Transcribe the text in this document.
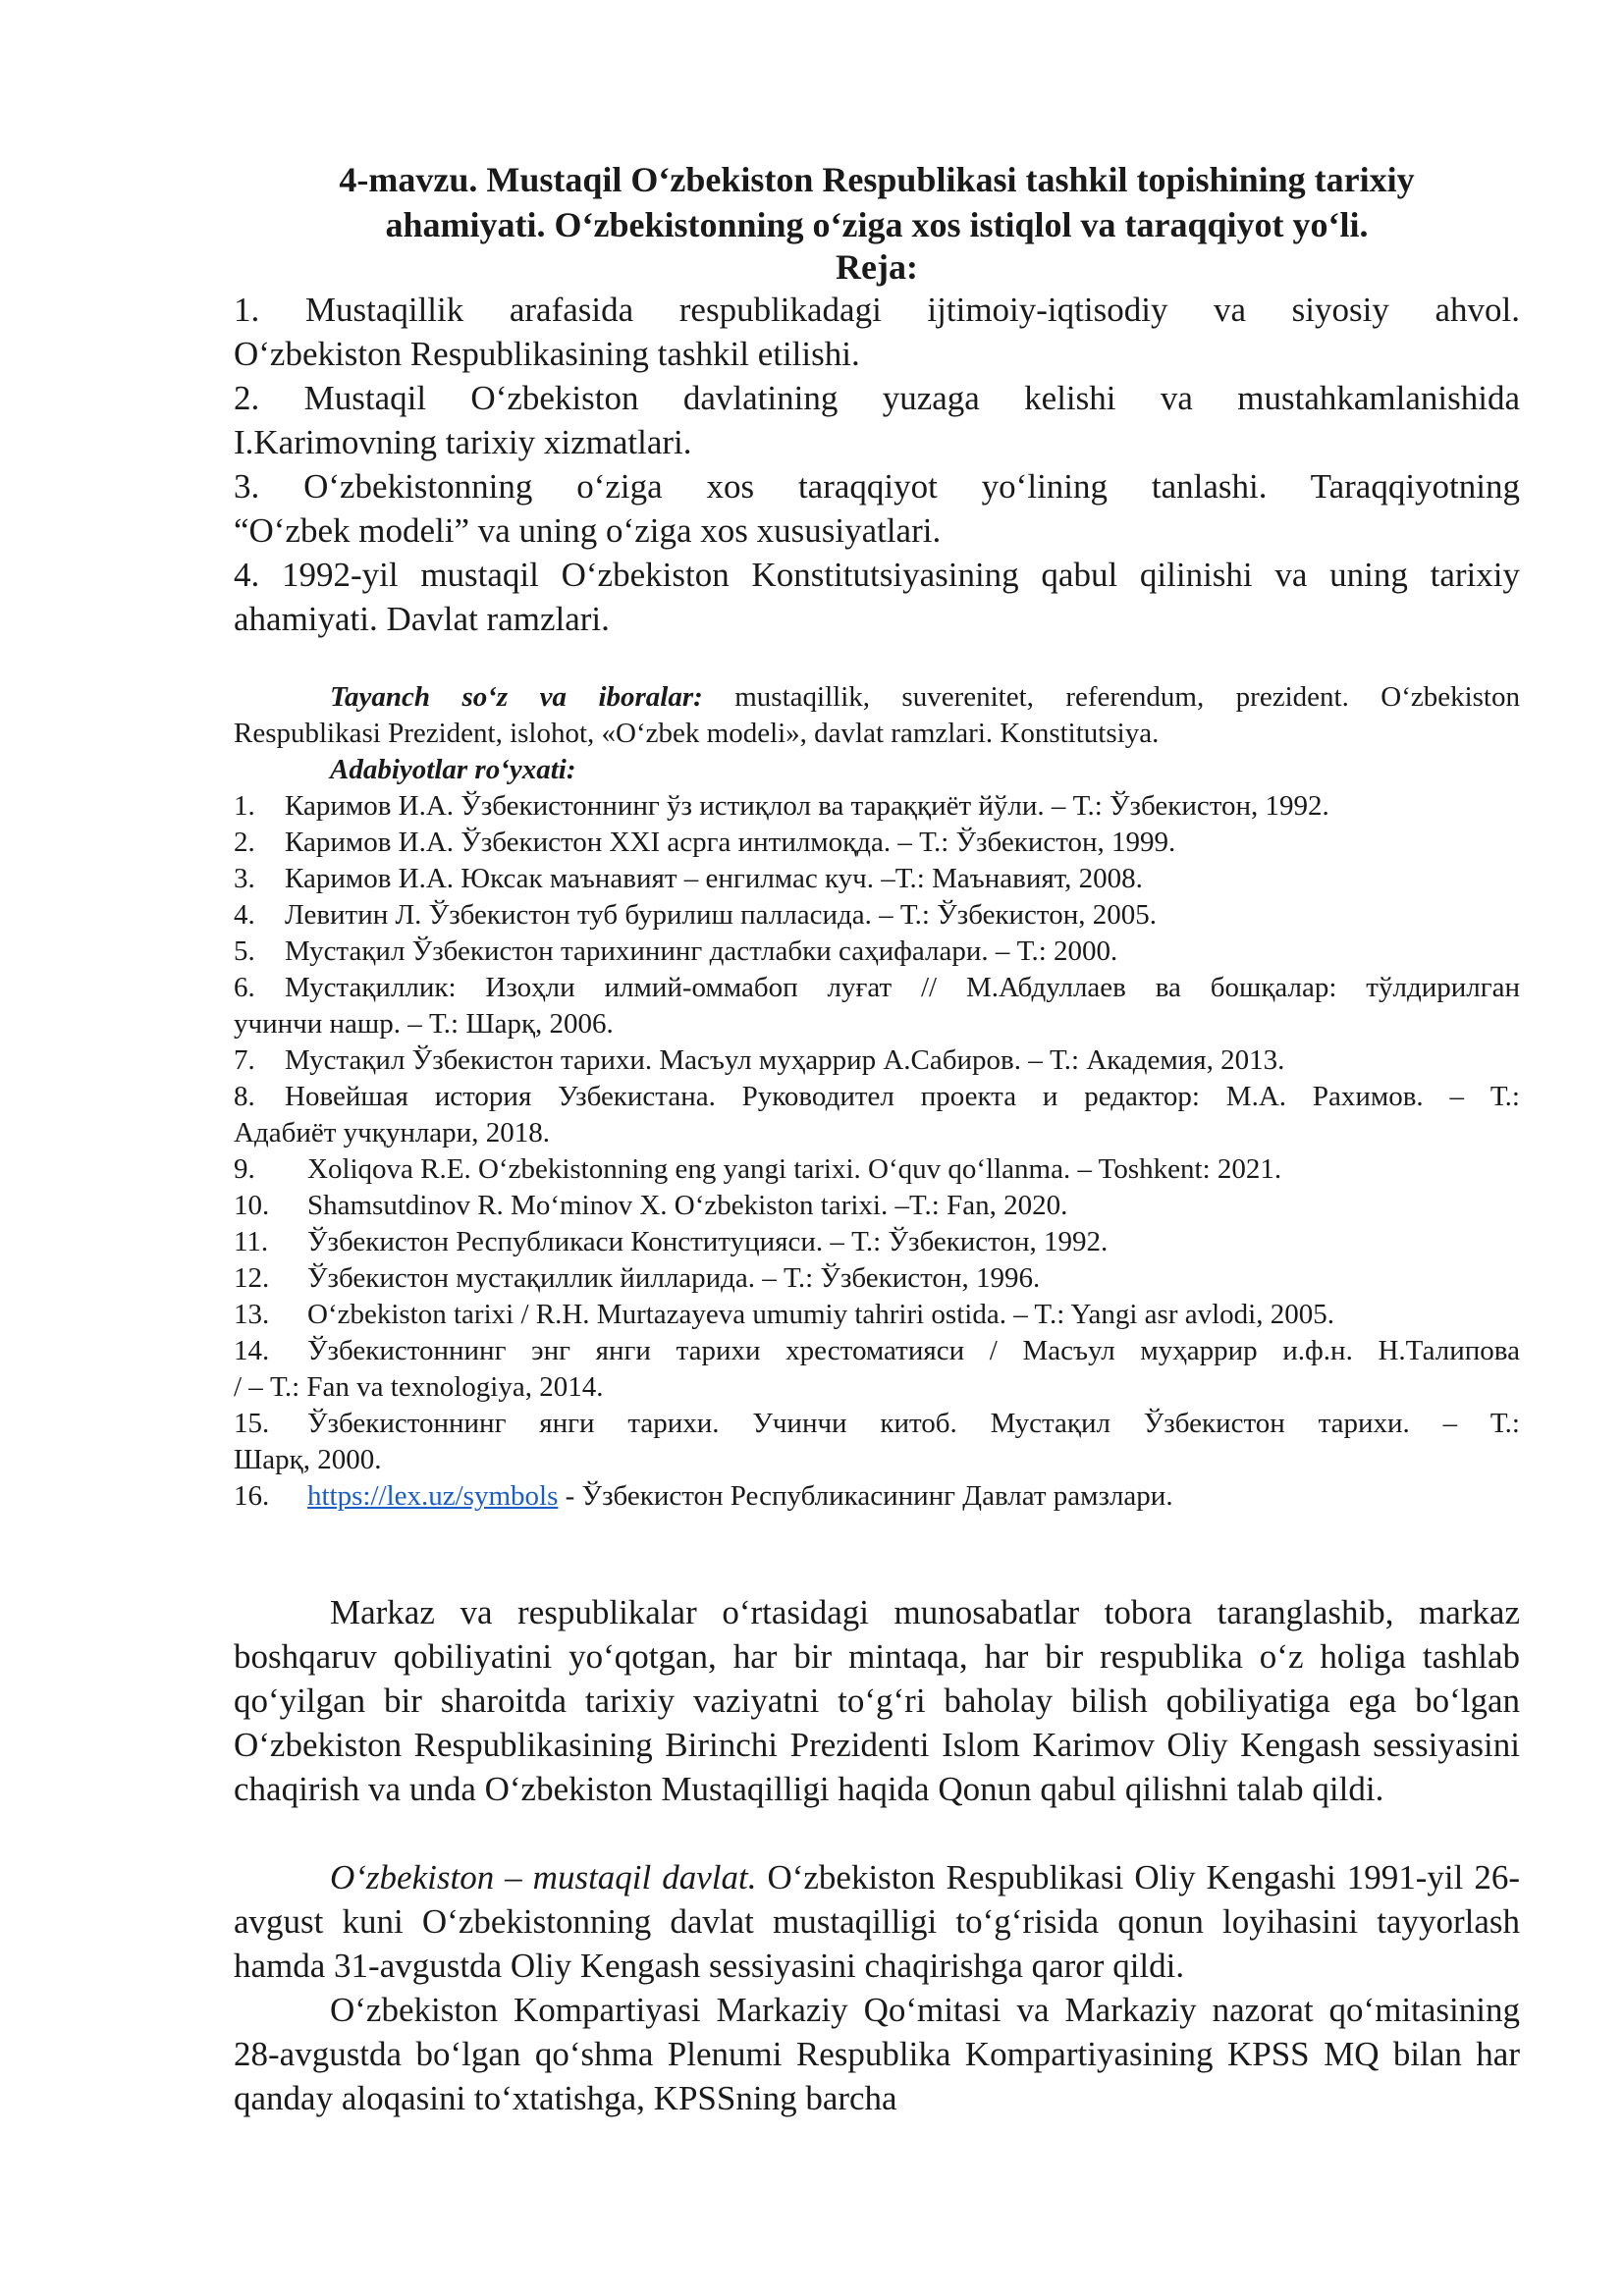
4-mavzu. Mustaqil O‘zbekiston Respublikasi tashkil topishining tarixiy
ahamiyati. O‘zbekistonning o‘ziga xos istiqlol va taraqqiyot yo‘li.
Reja:
1. Mustaqillik arafasida respublikadagi ijtimoiy-iqtisodiy va siyosiy ahvol.
O‘zbekiston Respublikasining tashkil etilishi.
2. Mustaqil O‘zbekiston davlatining yuzaga kelishi va mustahkamlanishida
I.Karimovning tarixiy xizmatlari.
3. O‘zbekistonning o‘ziga xos taraqqiyot yo‘lining tanlashi. Taraqqiyotning
“O‘zbek modeli” va uning o‘ziga xos xususiyatlari.
4. 1992-yil mustaqil O‘zbekiston Konstitutsiyasining qabul qilinishi va uning tarixiy
ahamiyati. Davlat ramzlari.
Tayanch so‘z va iboralar: mustaqillik, suverenitet, referendum, prezident. O‘zbekiston
Respublikasi Prezident, islohot, «O‘zbek modeli», davlat ramzlari. Konstitutsiya.
Adabiyotlar ro‘yxati:
1. Каримов И.А. Ўзбекистоннинг ўз истиқлол ва тараққиёт йўли. – Т.: Ўзбекистон, 1992.
2. Каримов И.А. Ўзбекистон XXI асрга интилмоқда. – Т.: Ўзбекистон, 1999.
3. Каримов И.А. Юксак маънавият – енгилмас куч. –Т.: Маънавият, 2008.
4. Левитин Л. Ўзбекистон туб бурилиш палласида. – Т.: Ўзбекистон, 2005.
5. Мустақил Ўзбекистон тарихининг дастлабки саҳифалари. – Т.: 2000.
6. Мустақиллик: Изоҳли илмий-оммабоп луғат // М.Абдуллаев ва бошқалар: тўлдирилган
учинчи нашр. – Т.: Шарқ, 2006.
7. Мустақил Ўзбекистон тарихи. Масъул муҳаррир А.Сабиров. – Т.: Академия, 2013.
8. Новейшая история Узбекистана. Руководител проекта и редактор: М.А. Рахимов. – Т.:
Адабиёт учқунлари, 2018.
9. Xoliqova R.E. O‘zbekistonning eng yangi tarixi. O‘quv qo‘llanma. – Toshkent: 2021.
10. Shamsutdinov R. Mo‘minov X. O‘zbekiston tarixi. –T.: Fan, 2020.
11. Ўзбекистон Республикаси Конституцияси. – Т.: Ўзбекистон, 1992.
12. Ўзбекистон мустақиллик йилларида. – Т.: Ўзбекистон, 1996.
13. O‘zbekiston tarixi / R.H. Murtazayeva umumiy tahriri ostida. – T.: Yangi asr avlodi, 2005.
14. Ўзбекистоннинг энг янги тарихи хрестоматияси / Масъул муҳаррир и.ф.н. Н.Талипова
/ – Т.: Fan va texnologiya, 2014.
15. Ўзбекистоннинг янги тарихи. Учинчи китоб. Мустақил Ўзбекистон тарихи. – Т.:
Шарқ, 2000.
16. https://lex.uz/symbols - Ўзбекистон Республикасининг Давлат рамзлари.
Markaz va respublikalar o‘rtasidagi munosabatlar tobora taranglashib, markaz boshqaruv qobiliyatini yo‘qotgan, har bir mintaqa, har bir respublika o‘z holiga tashlab qo‘yilgan bir sharoitda tarixiy vaziyatni to‘g‘ri baholay bilish qobiliyatiga ega bo‘lgan O‘zbekiston Respublikasining Birinchi Prezidenti Islom Karimov Oliy Kengash sessiyasini chaqirish va unda O‘zbekiston Mustaqilligi haqida Qonun qabul qilishni talab qildi.
O‘zbekiston – mustaqil davlat. O‘zbekiston Respublikasi Oliy Kengashi 1991-yil 26-avgust kuni O‘zbekistonning davlat mustaqilligi to‘g‘risida qonun loyihasini tayyorlash hamda 31-avgustda Oliy Kengash sessiyasini chaqirishga qaror qildi.
O‘zbekiston Kompartiyasi Markaziy Qo‘mitasi va Markaziy nazorat qo‘mitasining 28-avgustda bo‘lgan qo‘shma Plenumi Respublika Kompartiyasining KPSS MQ bilan har qanday aloqasini to‘xtatishga, KPSSning barcha
